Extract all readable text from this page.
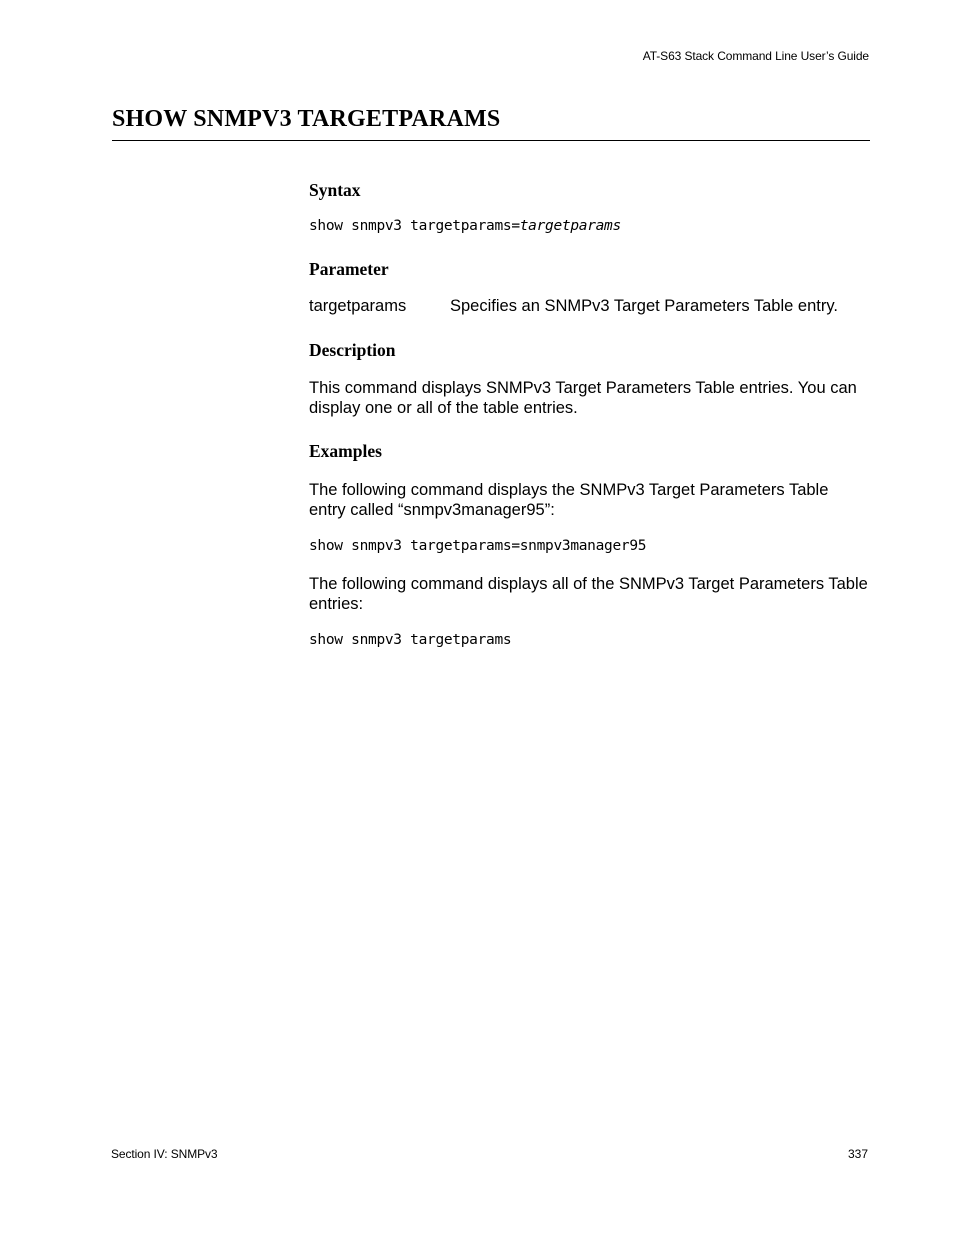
AT-S63 Stack Command Line User’s Guide
SHOW SNMPV3 TARGETPARAMS
Syntax
show snmpv3 targetparams=targetparams
Parameter
targetparams	Specifies an SNMPv3 Target Parameters Table entry.
Description

This command displays SNMPv3 Target Parameters Table entries. You can display one or all of the table entries.

Examples

The following command displays the SNMPv3 Target Parameters Table entry called “snmpv3manager95”:

show snmpv3 targetparams=snmpv3manager95

The following command displays all of the SNMPv3 Target Parameters Table entries:

show snmpv3 targetparams
Section IV: SNMPv3	337
